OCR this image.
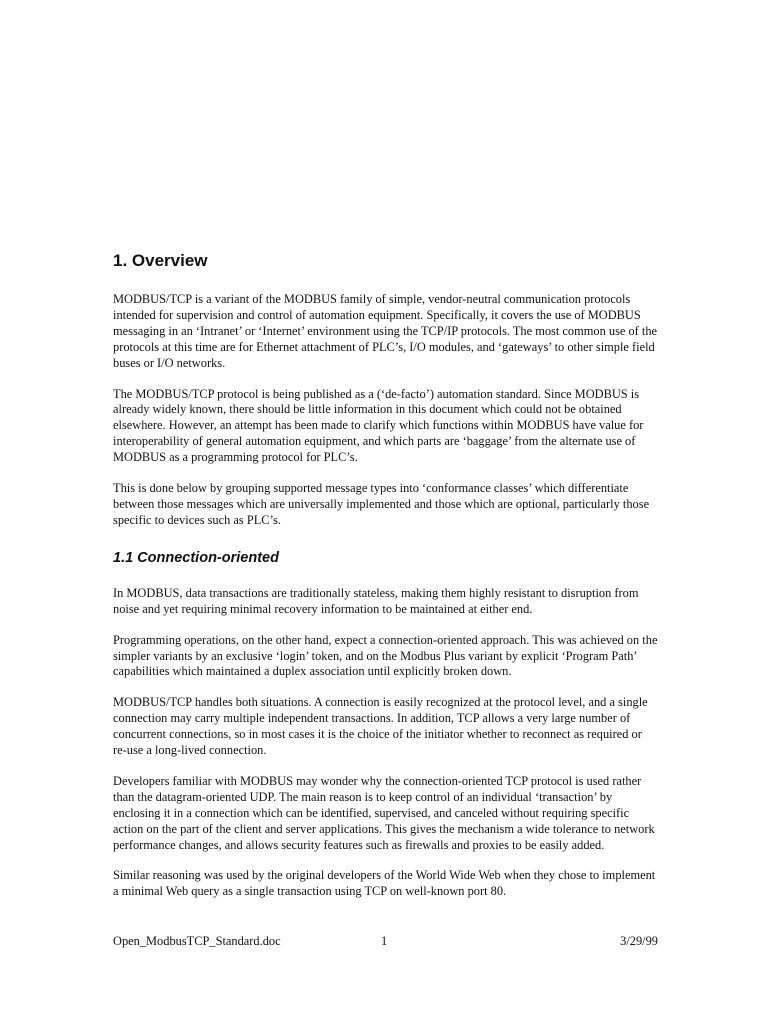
1. Overview

MODBUS/TCP is a variant of the MODBUS family of simple, vendor-neutral communication protocols intended for supervision and control of automation equipment. Specifically, it covers the use of MODBUS messaging in an ‘Intranet’ or ‘Internet’ environment using the TCP/IP protocols. The most common use of the protocols at this time are for Ethernet attachment of PLC’s, I/O modules, and ‘gateways’ to other simple field buses or I/O networks.

The MODBUS/TCP protocol is being published as a (‘de-facto’) automation standard. Since MODBUS is already widely known, there should be little information in this document which could not be obtained elsewhere. However, an attempt has been made to clarify which functions within MODBUS have value for interoperability of general automation equipment, and which parts are ‘baggage’ from the alternate use of MODBUS as a programming protocol for PLC’s.

This is done below by grouping supported message types into ‘conformance classes’ which differentiate between those messages which are universally implemented and those which are optional, particularly those specific to devices such as PLC’s.

1.1 Connection-oriented

In MODBUS, data transactions are traditionally stateless, making them highly resistant to disruption from noise and yet requiring minimal recovery information to be maintained at either end.

Programming operations, on the other hand, expect a connection-oriented approach. This was achieved on the simpler variants by an exclusive ‘login’ token, and on the Modbus Plus variant by explicit ‘Program Path’ capabilities which maintained a duplex association until explicitly broken down.

MODBUS/TCP handles both situations. A connection is easily recognized at the protocol level, and a single connection may carry multiple independent transactions. In addition, TCP allows a very large number of concurrent connections, so in most cases it is the choice of the initiator whether to reconnect as required or re-use a long-lived connection.

Developers familiar with MODBUS may wonder why the connection-oriented TCP protocol is used rather than the datagram-oriented UDP. The main reason is to keep control of an individual ‘transaction’ by enclosing it in a connection which can be identified, supervised, and canceled without requiring specific action on the part of the client and server applications. This gives the mechanism a wide tolerance to network performance changes, and allows security features such as firewalls and proxies to be easily added.

Similar reasoning was used by the original developers of the World Wide Web when they chose to implement a minimal Web query as a single transaction using TCP on well-known port 80.

Open_ModbusTCP_Standard.doc	1	3/29/99
